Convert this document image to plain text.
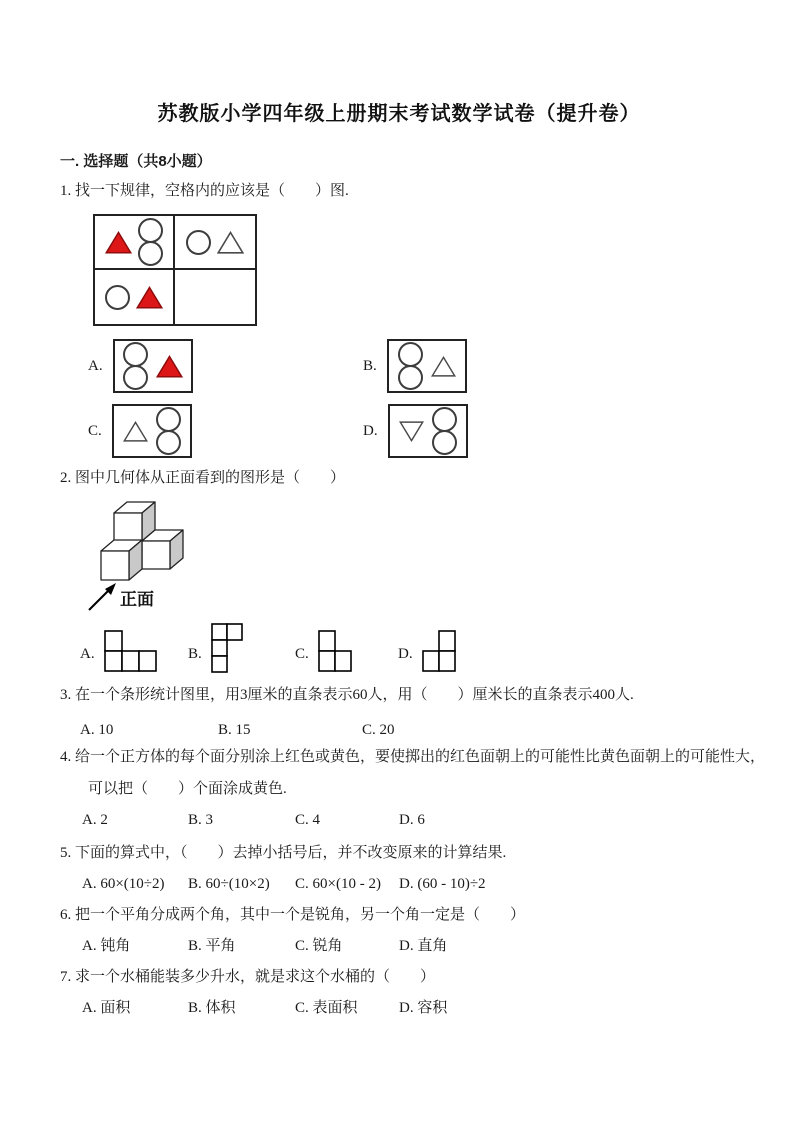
苏教版小学四年级上册期末考试数学试卷（提升卷）
一. 选择题（共8小题）

1. 找一下规律，空格内的应该是（　　）图.

A.	B.
C.	D.

2. 图中几何体从正面看到的图形是（　　）

正面
A.	B.	C.	D.

3. 在一个条形统计图里，用3厘米的直条表示60人，用（　　）厘米长的直条表示400人.

A. 10	B. 15	C. 20

4. 给一个正方体的每个面分别涂上红色或黄色，要使掷出的红色面朝上的可能性比黄色面朝上的可能性大，
可以把（　　）个面涂成黄色.

A. 2	B. 3	C. 4	D. 6

5. 下面的算式中，（　　）去掉小括号后，并不改变原来的计算结果.

A. 60×(10÷2)	B. 60÷(10×2)	C. 60×(10 - 2)	D. (60 - 10)÷2

6. 把一个平角分成两个角，其中一个是锐角，另一个角一定是（　　）

A. 钝角	B. 平角	C. 锐角	D. 直角

7. 求一个水桶能装多少升水，就是求这个水桶的（　　）

A. 面积	B. 体积	C. 表面积	D. 容积
